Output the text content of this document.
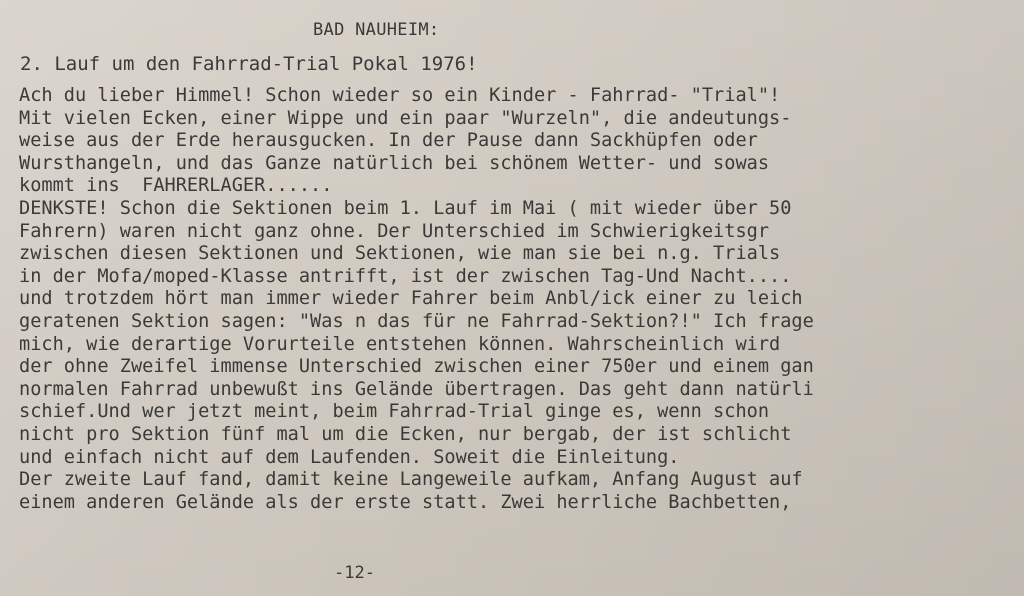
BAD NAUHEIM:
2. Lauf um den Fahrrad-Trial Pokal 1976!
Ach du lieber Himmel! Schon wieder so ein Kinder - Fahrrad- "Trial"!
Mit vielen Ecken, einer Wippe und ein paar "Wurzeln", die andeutungs-
weise aus der Erde herausgucken. In der Pause dann Sackhüpfen oder
Wursthangeln, und das Ganze natürlich bei schönem Wetter- und sowas
kommt ins  FAHRERLAGER......
DENKSTE! Schon die Sektionen beim 1. Lauf im Mai ( mit wieder über 50
Fahrern) waren nicht ganz ohne. Der Unterschied im Schwierigkeitsgr
zwischen diesen Sektionen und Sektionen, wie man sie bei n.g. Trials
in der Mofa/moped-Klasse antrifft, ist der zwischen Tag-Und Nacht....
und trotzdem hört man immer wieder Fahrer beim Anbl/ick einer zu leich
geratenen Sektion sagen: "Was n das für ne Fahrrad-Sektion?!" Ich frage
mich, wie derartige Vorurteile entstehen können. Wahrscheinlich wird
der ohne Zweifel immense Unterschied zwischen einer 750er und einem gan
normalen Fahrrad unbewußt ins Gelände übertragen. Das geht dann natürli
schief.Und wer jetzt meint, beim Fahrrad-Trial ginge es, wenn schon
nicht pro Sektion fünf mal um die Ecken, nur bergab, der ist schlicht
und einfach nicht auf dem Laufenden. Soweit die Einleitung.
Der zweite Lauf fand, damit keine Langeweile aufkam, Anfang August auf
einem anderen Gelände als der erste statt. Zwei herrliche Bachbetten,
-12-
